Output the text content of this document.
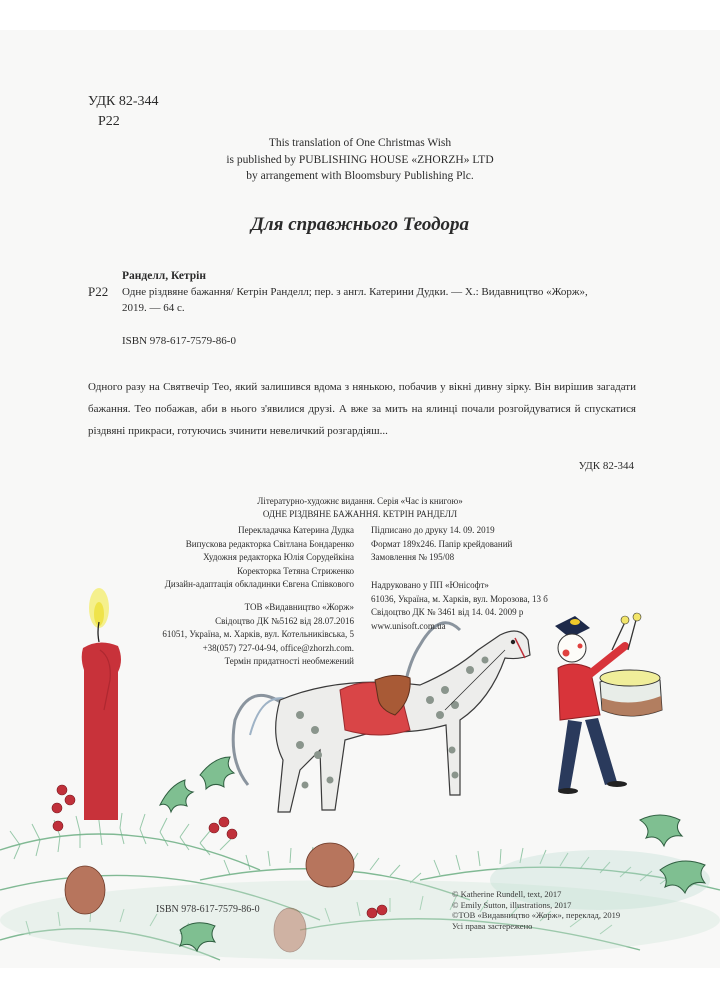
УДК 82-344
Р22
This translation of One Christmas Wish
is published by PUBLISHING HOUSE «ZHORZH» LTD
by arrangement with Bloomsbury Publishing Plc.
Для справжнього Теодора
Ранделл, Кетрін
Р22 Одне різдвяне бажання/ Кетрін Ранделл; пер. з англ. Катерини Дудки. — Х.: Видавництво «Жорж»,
2019. — 64 с.
ISBN 978-617-7579-86-0
Одного разу на Святвечір Тео, який залишився вдома з нянькою, побачив у вікні дивну зірку. Він вирішив загадати бажання. Тео побажав, аби в нього з'явилися друзі. А вже за мить на ялинці почали розгойдуватися й спускатися різдвяні прикраси, готуючись зчинити невеличкий розгардіяш...
УДК 82-344
Літературно-художнє видання. Серія «Час із книгою»
ОДНЕ РІЗДВЯНЕ БАЖАННЯ. КЕТРІН РАНДЕЛЛ
Перекладачка Катерина Дудка
Випускова редакторка Світлана Бондаренко
Художня редакторка Юлія Сорудейкіна
Коректорка Тетяна Стриженко
Дизайн-адаптація обкладинки Євгена Співкового
Підписано до друку 14. 09. 2019
Формат 189x246. Папір крейдований
Замовлення № 195/08
Надруковано у ПП «Юнісофт»
61036, Україна, м. Харків, вул. Морозова, 13 б
Свідоцтво ДК № 3461 від 14. 04. 2009 р
www.unisoft.com.ua
ТОВ «Видавництво «Жорж»
Свідоцтво ДК №5162 від 28.07.2016
61051, Україна, м. Харків, вул. Котельниківська, 5
+38(057) 727-04-94, office@zhorzh.com.
Термін придатності необмежений
ISBN 978-617-7579-86-0
© Katherine Rundell, text, 2017
© Emily Sutton, illustrations, 2017
©ТОВ «Видавництво «Жорж», переклад, 2019
Усі права застережено
